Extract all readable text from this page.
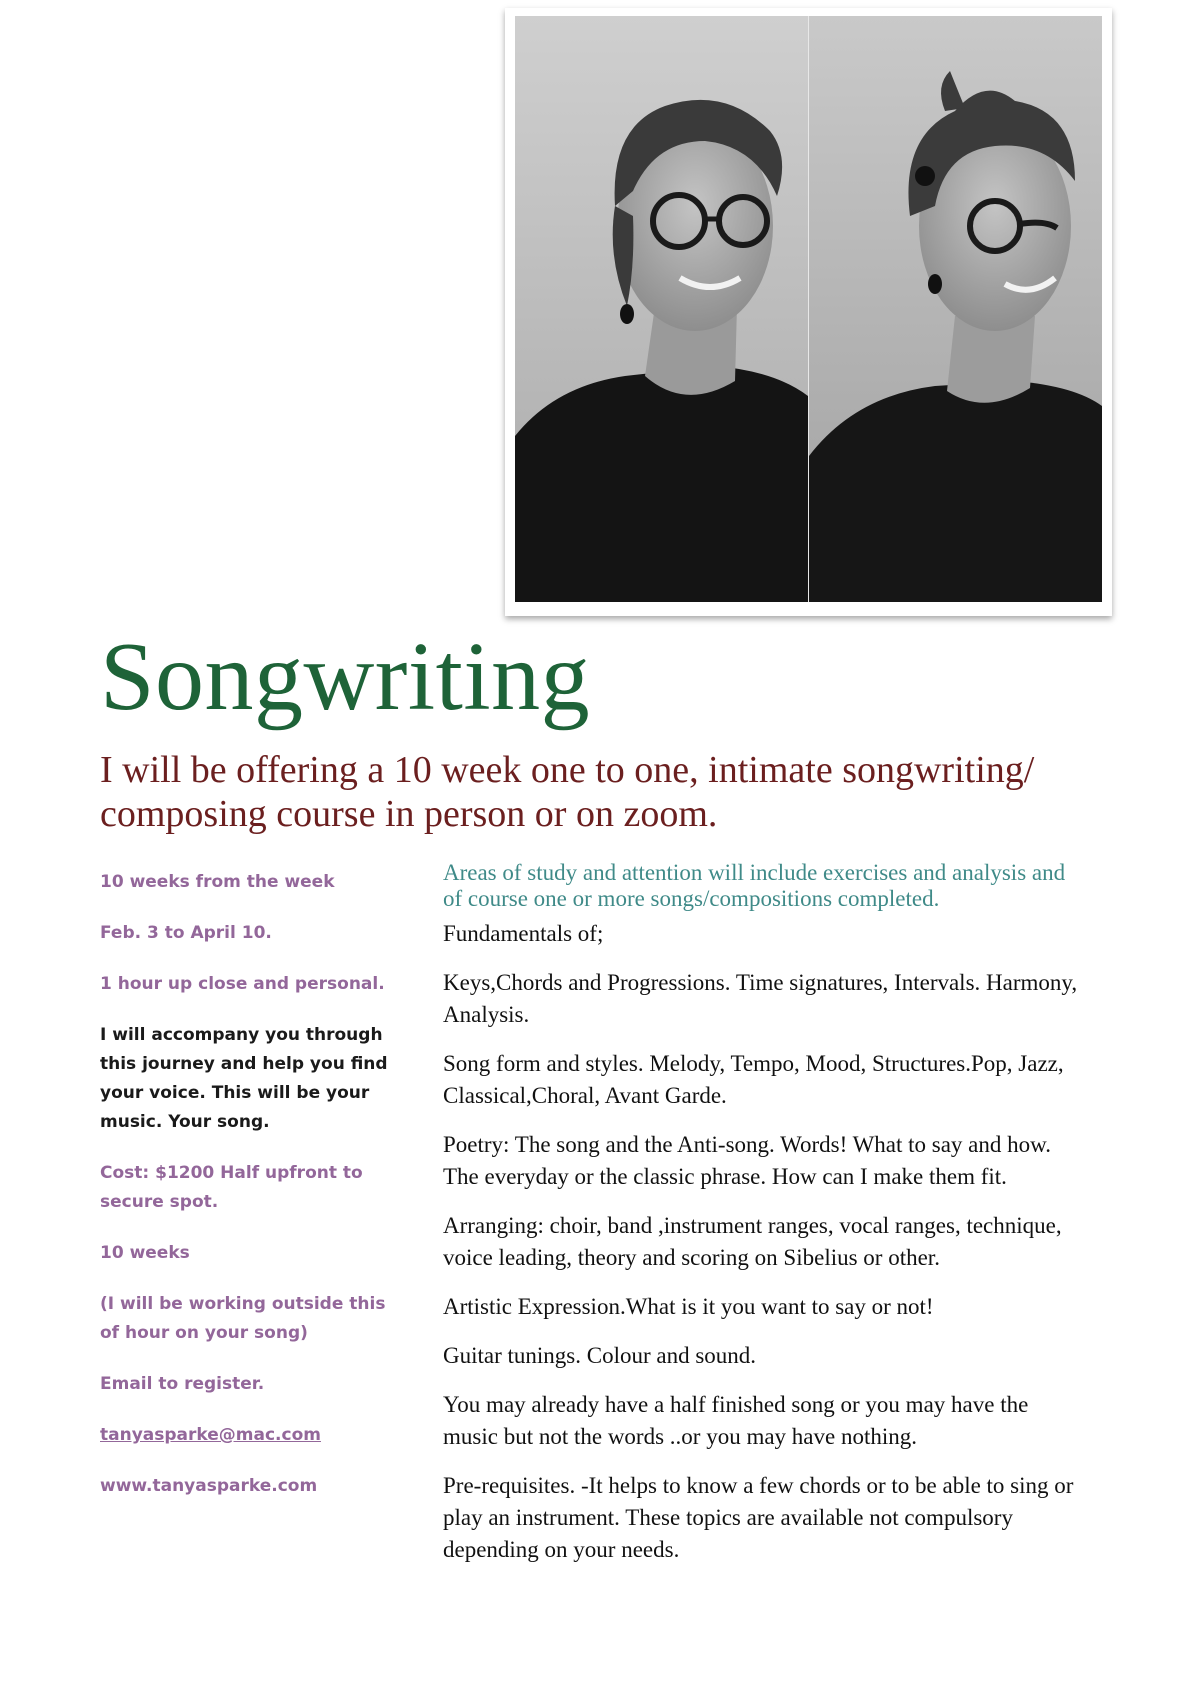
Songwriting

I will be offering a 10 week one to one, intimate songwriting/ composing course in person or on zoom.

10 weeks from the week

Feb. 3 to April 10.

1 hour up close and personal.

I will accompany you through this journey and help you find your voice. This will be your music. Your song.

Cost: $1200 Half upfront to secure spot.

10 weeks

(I will be working outside this of hour on your song)

Email to register.

tanyasparke@mac.com

www.tanyasparke.com

Areas of study and attention will include exercises and analysis and of course one or more songs/compositions completed.

Fundamentals of;

Keys,Chords and Progressions. Time signatures, Intervals. Harmony, Analysis.

Song form and styles. Melody, Tempo, Mood, Structures.Pop, Jazz, Classical,Choral, Avant Garde.

Poetry: The song and the Anti-song. Words! What to say and how. The everyday or the classic phrase. How can I make them fit.

Arranging: choir, band ,instrument ranges, vocal ranges, technique, voice leading, theory and scoring on Sibelius or other.

Artistic Expression.What is it you want to say or not!

Guitar tunings. Colour and sound.

You may already have a half finished song or you may have the music but not the words ..or you may have nothing.

Pre-requisites. -It helps to know a few chords or to be able to sing or play an instrument. These topics are available not compulsory depending on your needs.
